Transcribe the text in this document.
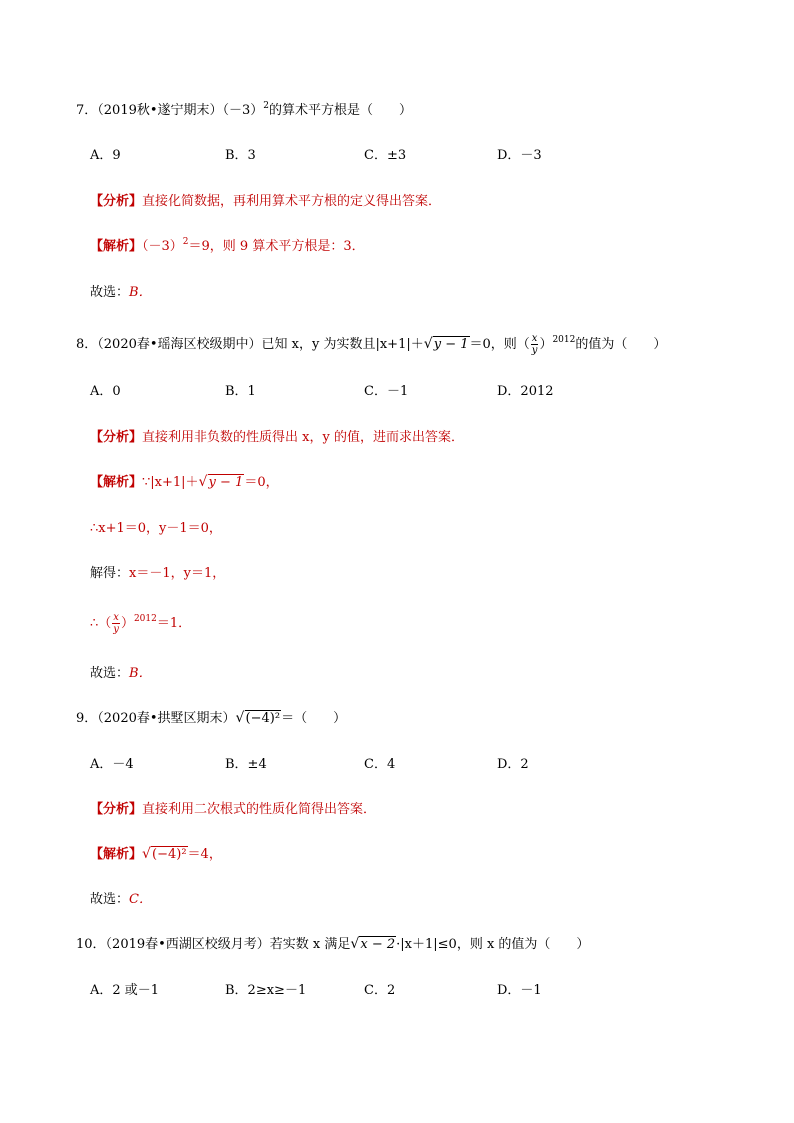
7．（2019秋•遂宁期末）$(-3)^2$的算术平方根是（　　）
A．9	B．3	C．±3	D．－3
【分析】直接化简数据，再利用算术平方根的定义得出答案．
【解析】$(-3)^2=9$，则 9 算术平方根是：3．
故选：B．
8．（2020春•瑶海区校级期中）已知 x，y 为实数且|x+1|＋ √ y − 1＝0，则（ $\frac{x}{y} )^{2012}$的值为（　　）
A．0	B．1	C．－1	D．2012
【分析】直接利用非负数的性质得出 x，y 的值，进而求出答案．
【解析】∵|x+1|＋ √ y − 1＝0，
∴x+1＝0，y－1＝0，
解得：x＝－1，y＝1，
∴（ $\frac{x}{y} )^{2012}=1$．
故选：B．
9．（2020春•拱墅区期末） √ (−4)²＝（　　）
A．－4	B．±4	C．4	D．2
【分析】直接利用二次根式的性质化简得出答案．
【解析】 √ (−4)²＝4，
故选：C．
10．（2019春•西湖区校级月考）若实数 x 满足 √ x − 2·|x＋1|≤0，则 x 的值为（　　）
A．2 或－1	B．2≥x≥－1	C．2	D．－1
